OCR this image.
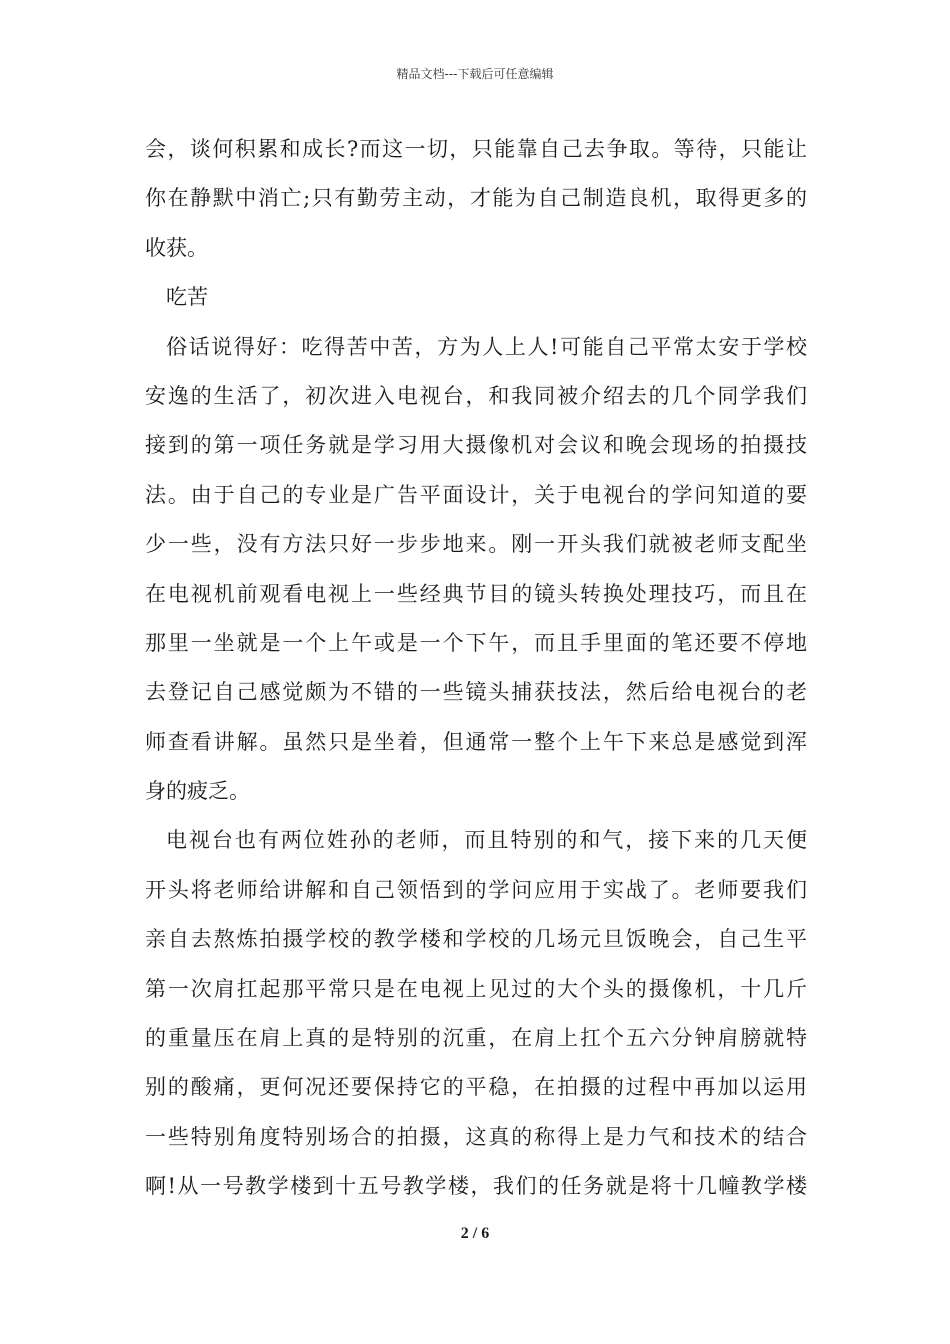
精品文档---下载后可任意编辑
会，谈何积累和成长?而这一切，只能靠自己去争取。等待，只能让
你在静默中消亡;只有勤劳主动，才能为自己制造良机，取得更多的
收获。
吃苦
俗话说得好：吃得苦中苦，方为人上人!可能自己平常太安于学校
安逸的生活了，初次进入电视台，和我同被介绍去的几个同学我们
接到的第一项任务就是学习用大摄像机对会议和晚会现场的拍摄技
法。由于自己的专业是广告平面设计，关于电视台的学问知道的要
少一些，没有方法只好一步步地来。刚一开头我们就被老师支配坐
在电视机前观看电视上一些经典节目的镜头转换处理技巧，而且在
那里一坐就是一个上午或是一个下午，而且手里面的笔还要不停地
去登记自己感觉颇为不错的一些镜头捕获技法，然后给电视台的老
师查看讲解。虽然只是坐着，但通常一整个上午下来总是感觉到浑
身的疲乏。
电视台也有两位姓孙的老师，而且特别的和气，接下来的几天便
开头将老师给讲解和自己领悟到的学问应用于实战了。老师要我们
亲自去熬炼拍摄学校的教学楼和学校的几场元旦饭晚会，自己生平
第一次肩扛起那平常只是在电视上见过的大个头的摄像机，十几斤
的重量压在肩上真的是特别的沉重，在肩上扛个五六分钟肩膀就特
别的酸痛，更何况还要保持它的平稳，在拍摄的过程中再加以运用
一些特别角度特别场合的拍摄，这真的称得上是力气和技术的结合
啊!从一号教学楼到十五号教学楼，我们的任务就是将十几幢教学楼
2 / 6
